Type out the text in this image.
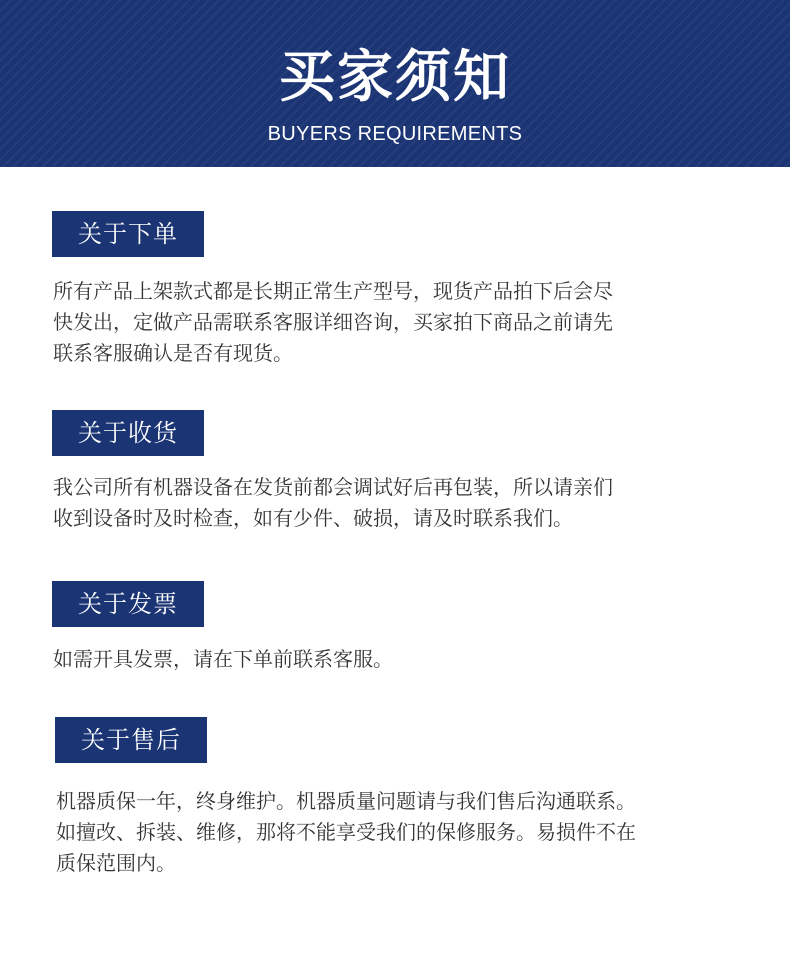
买家须知
BUYERS REQUIREMENTS
关于下单
所有产品上架款式都是长期正常生产型号，现货产品拍下后会尽
快发出，定做产品需联系客服详细咨询，买家拍下商品之前请先
联系客服确认是否有现货。
关于收货
我公司所有机器设备在发货前都会调试好后再包装，所以请亲们
收到设备时及时检查，如有少件、破损，请及时联系我们。
关于发票
如需开具发票，请在下单前联系客服。
关于售后
机器质保一年，终身维护。机器质量问题请与我们售后沟通联系。
如擅改、拆装、维修，那将不能享受我们的保修服务。易损件不在
质保范围内。
